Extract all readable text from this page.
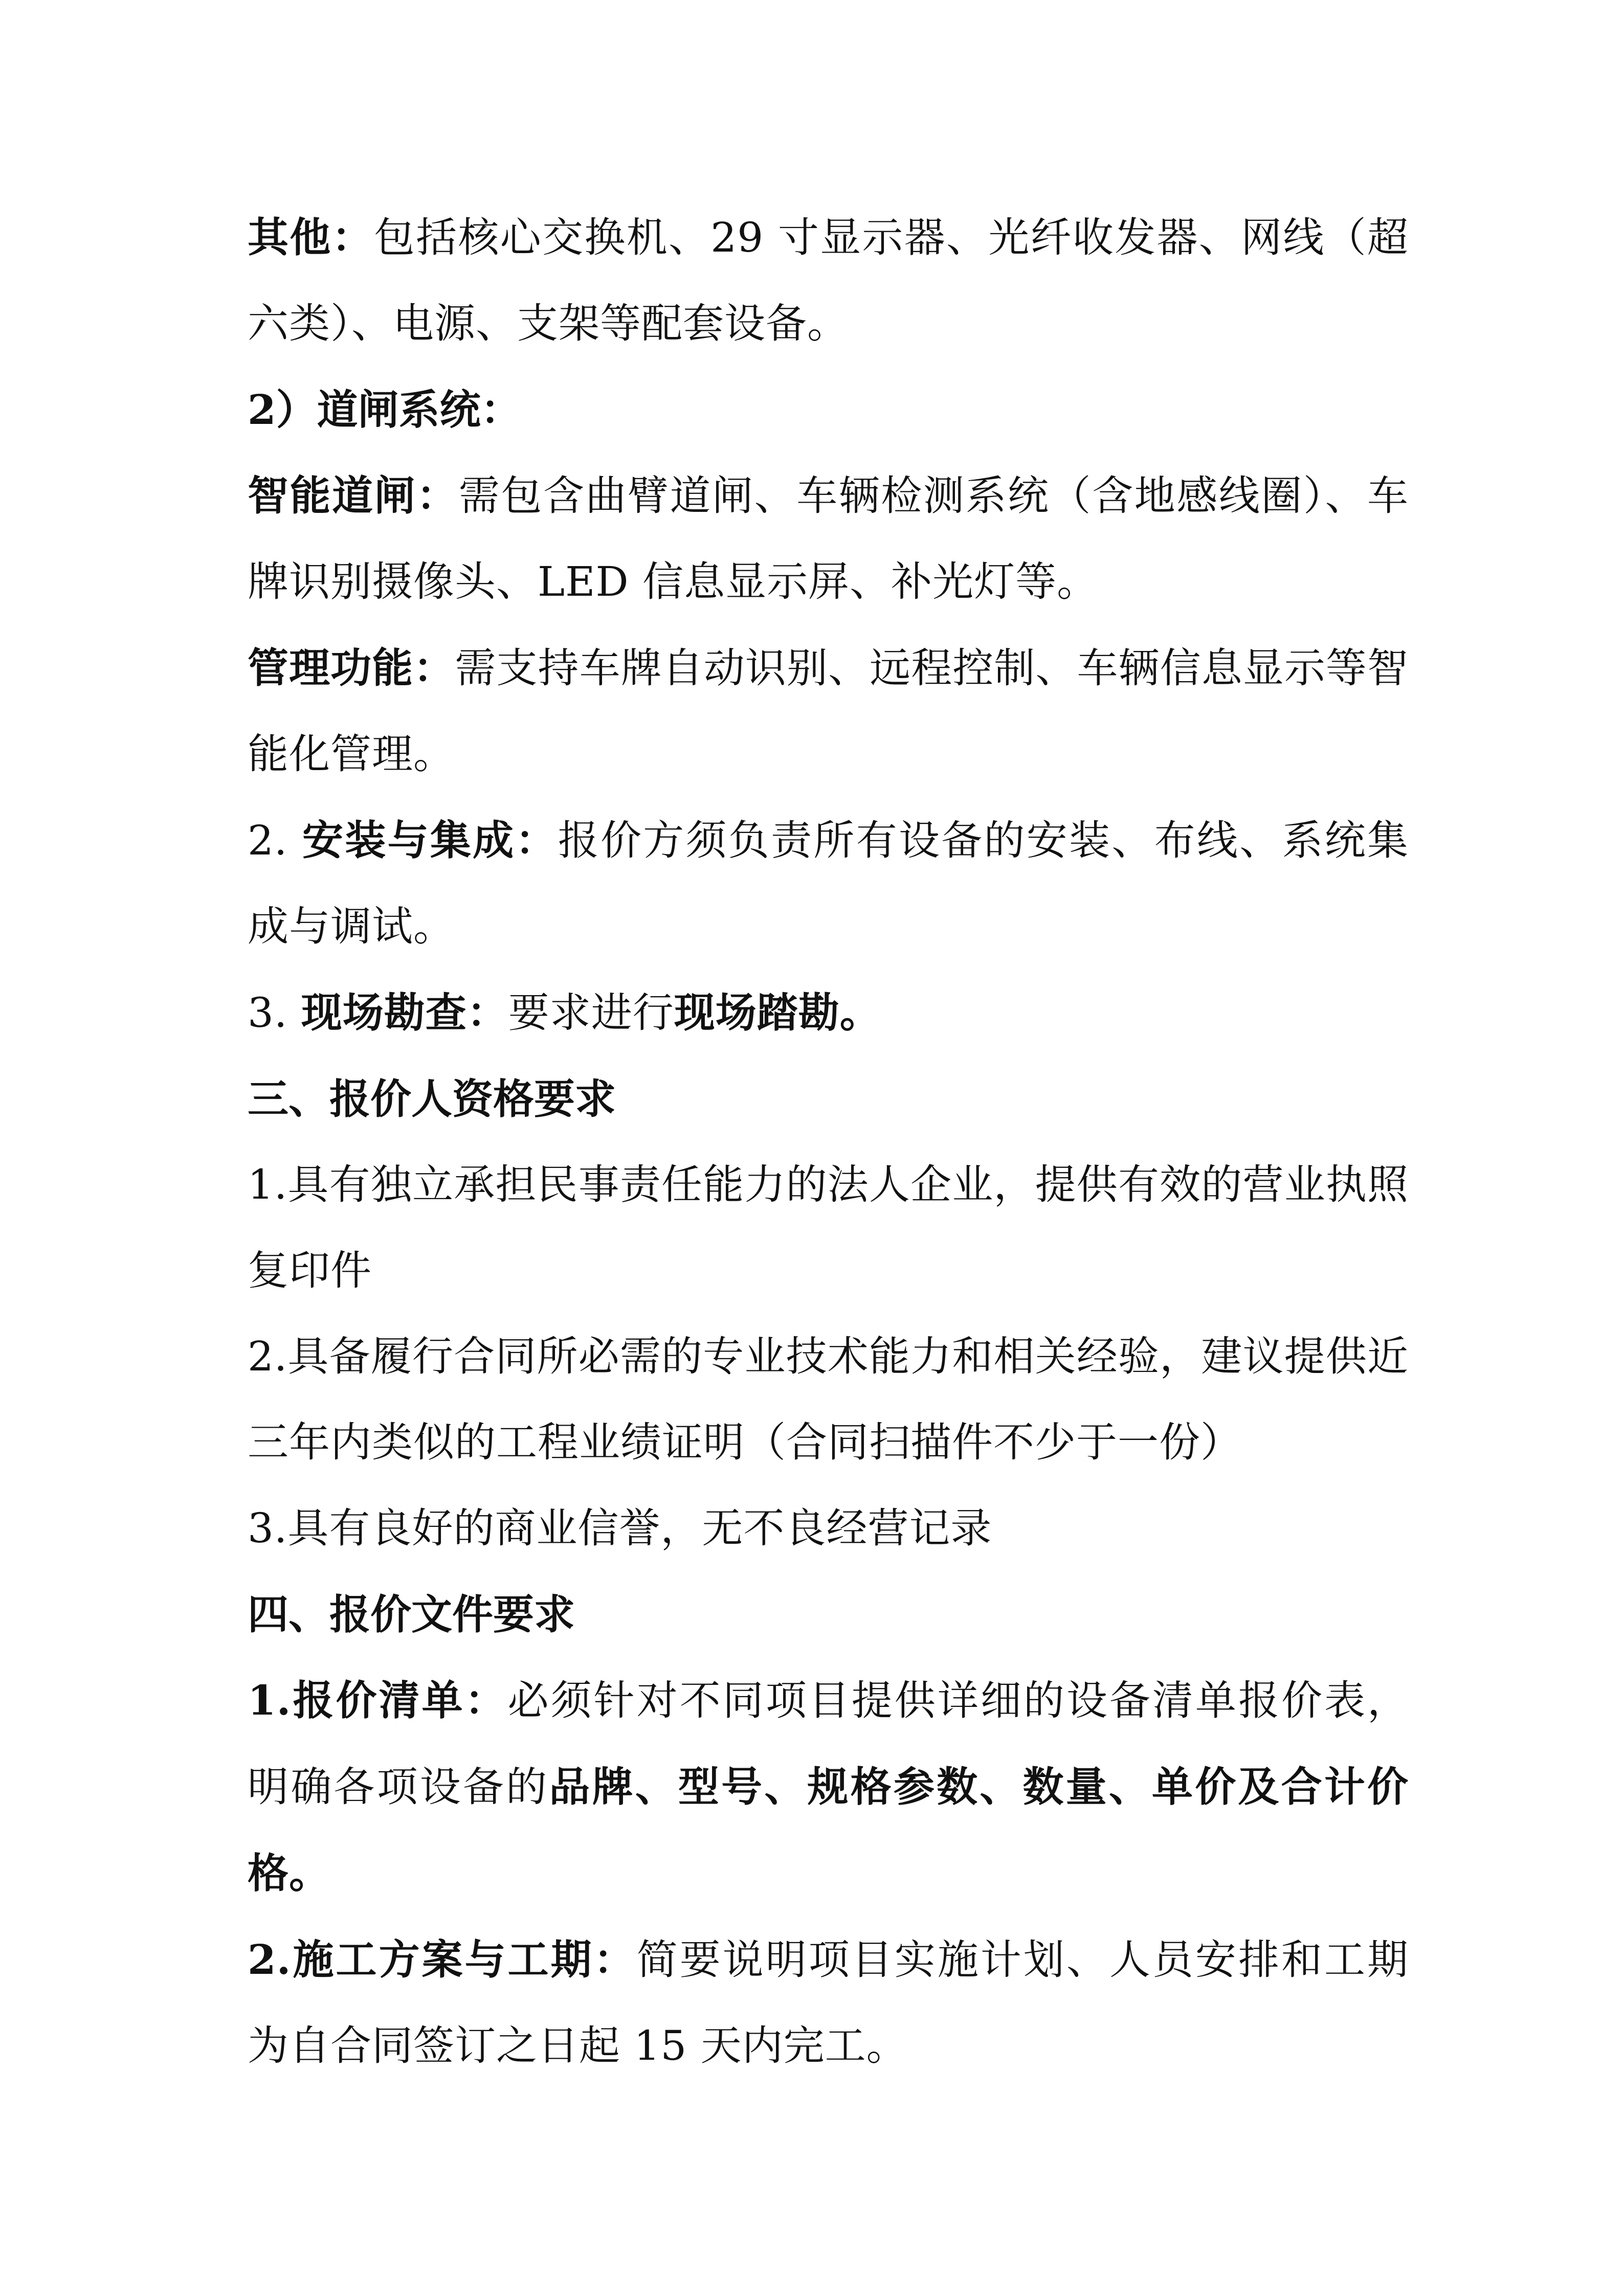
其他：包括核心交换机、29 寸显示器、光纤收发器、网线（超六类）、电源、支架等配套设备。

2）道闸系统：

智能道闸：需包含曲臂道闸、车辆检测系统（含地感线圈）、车牌识别摄像头、LED 信息显示屏、补光灯等。

管理功能：需支持车牌自动识别、远程控制、车辆信息显示等智能化管理。

2. 安装与集成：报价方须负责所有设备的安装、布线、系统集成与调试。

3. 现场勘查：要求进行现场踏勘。

三、报价人资格要求

1.具有独立承担民事责任能力的法人企业，提供有效的营业执照复印件

2.具备履行合同所必需的专业技术能力和相关经验，建议提供近三年内类似的工程业绩证明（合同扫描件不少于一份）

3.具有良好的商业信誉，无不良经营记录

四、报价文件要求

1.报价清单：必须针对不同项目提供详细的设备清单报价表，明确各项设备的品牌、型号、规格参数、数量、单价及合计价格。

2.施工方案与工期：简要说明项目实施计划、人员安排和工期为自合同签订之日起 15 天内完工。
